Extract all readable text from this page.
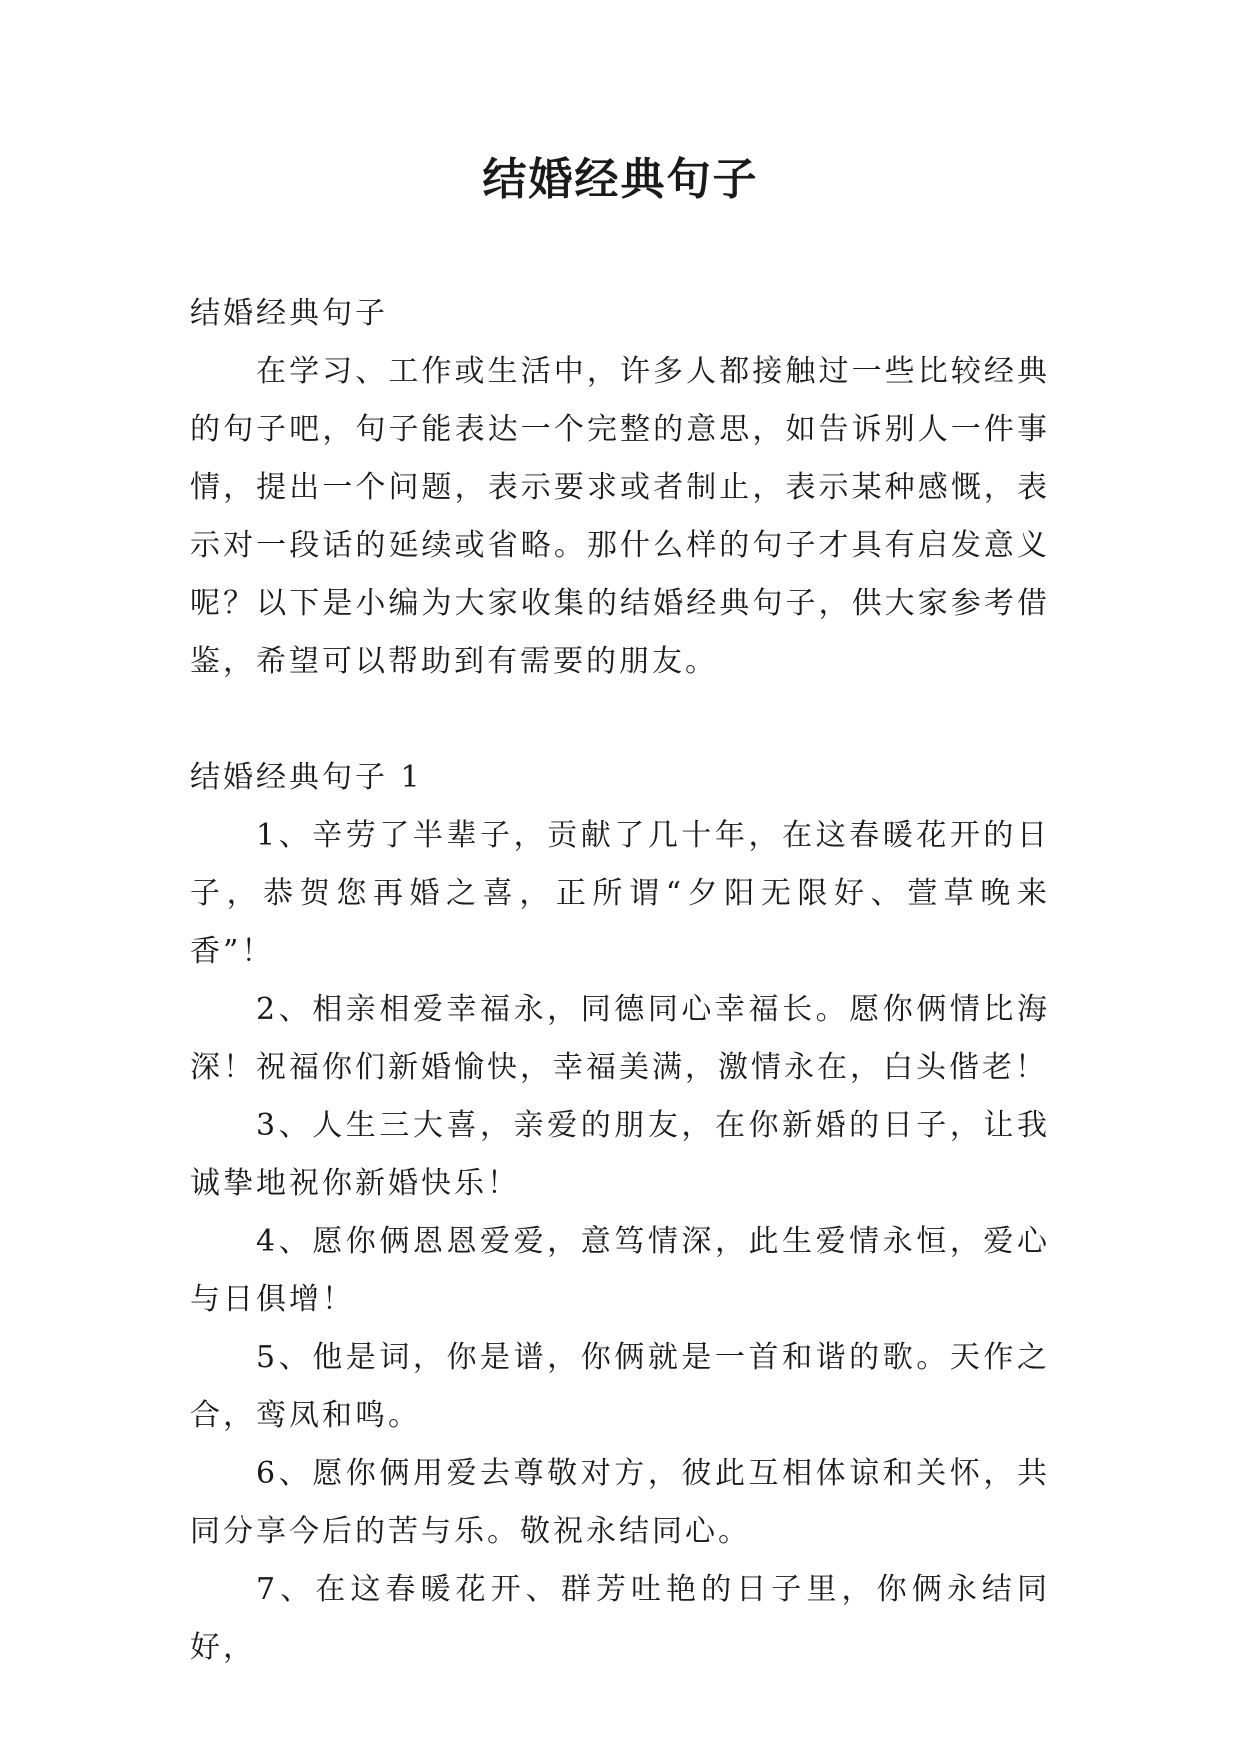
结婚经典句子

结婚经典句子

在学习、工作或生活中，许多人都接触过一些比较经典的句子吧，句子能表达一个完整的意思，如告诉别人一件事情，提出一个问题，表示要求或者制止，表示某种感慨，表示对一段话的延续或省略。那什么样的句子才具有启发意义呢？以下是小编为大家收集的结婚经典句子，供大家参考借鉴，希望可以帮助到有需要的朋友。

结婚经典句子 1

1、辛劳了半辈子，贡献了几十年，在这春暖花开的日子，恭贺您再婚之喜，正所谓“夕阳无限好、萱草晚来香”！

2、相亲相爱幸福永，同德同心幸福长。愿你俩情比海深！祝福你们新婚愉快，幸福美满，激情永在，白头偕老！

3、人生三大喜，亲爱的朋友，在你新婚的日子，让我诚挚地祝你新婚快乐！

4、愿你俩恩恩爱爱，意笃情深，此生爱情永恒，爱心与日俱增！

5、他是词，你是谱，你俩就是一首和谐的歌。天作之合，鸾凤和鸣。

6、愿你俩用爱去尊敬对方，彼此互相体谅和关怀，共同分享今后的苦与乐。敬祝永结同心。

7、在这春暖花开、群芳吐艳的日子里，你俩永结同好，
